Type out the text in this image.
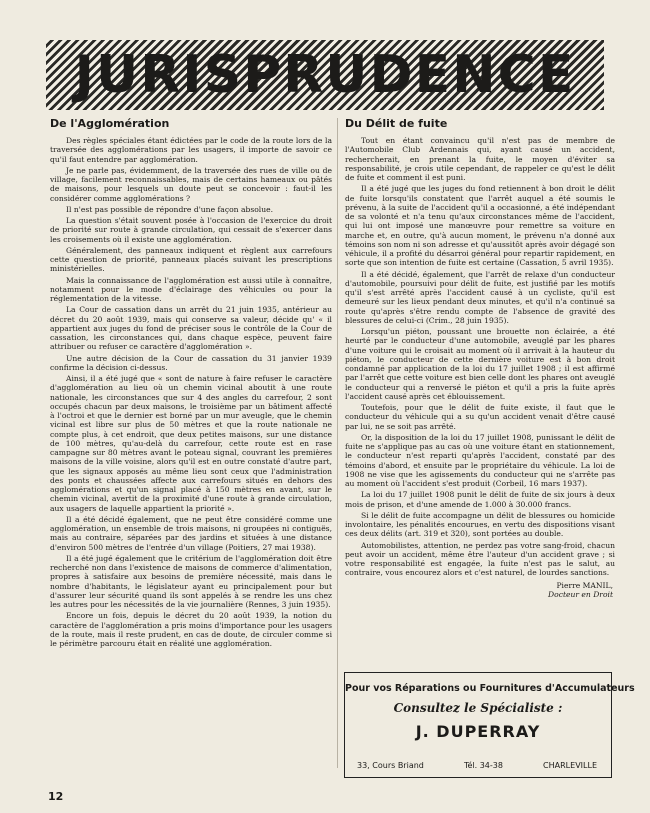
JURISPRUDENCE
De l'Agglomération

Des règles spéciales étant édictées par le code de la route lors de la traversée des agglomérations par les usagers, il importe de savoir ce qu'il faut entendre par agglomération.

Je ne parle pas, évidemment, de la traversée des rues de ville ou de village, facilement reconnaissables, mais de certains hameaux ou pâtés de maisons, pour lesquels un doute peut se concevoir : faut-il les considérer comme agglomérations ?

Il n'est pas possible de répondre d'une façon absolue.

La question s'était souvent posée à l'occasion de l'exercice du droit de priorité sur route à grande circulation, qui cessait de s'exercer dans les croisements où il existe une agglomération.

Généralement, des panneaux indiquent et règlent aux carrefours cette question de priorité, panneaux placés suivant les prescriptions ministérielles.

Mais la connaissance de l'agglomération est aussi utile à connaître, notamment pour le mode d'éclairage des véhicules ou pour la réglementation de la vitesse.

La Cour de cassation dans un arrêt du 21 juin 1935, antérieur au décret du 20 août 1939, mais qui conserve sa valeur, décide qu' « il appartient aux juges du fond de préciser sous le contrôle de la Cour de cassation, les circonstances qui, dans chaque espèce, peuvent faire attribuer ou refuser ce caractère d'agglomération ».

Une autre décision de la Cour de cassation du 31 janvier 1939 confirme la décision ci-dessus.

Ainsi, il a été jugé que « sont de nature à faire refuser le caractère d'agglomération au lieu où un chemin vicinal aboutit à une route nationale, les circonstances que sur 4 des angles du carrefour, 2 sont occupés chacun par deux maisons, le troisième par un bâtiment affecté à l'octroi et que le dernier est borné par un mur aveugle, que le chemin vicinal est libre sur plus de 50 mètres et que la route nationale ne compte plus, à cet endroit, que deux petites maisons, sur une distance de 100 mètres, qu'au-delà du carrefour, cette route est en rase campagne sur 80 mètres avant le poteau signal, couvrant les premières maisons de la ville voisine, alors qu'il est en outre constaté d'autre part, que les signaux apposés au même lieu sont ceux que l'administration des ponts et chaussées affecte aux carrefours situés en dehors des agglomérations et qu'un signal placé à 150 mètres en avant, sur le chemin vicinal, avertit de la proximité d'une route à grande circulation, aux usagers de laquelle appartient la priorité ».

Il a été décidé également, que ne peut être considéré comme une agglomération, un ensemble de trois maisons, ni groupées ni contiguës, mais au contraire, séparées par des jardins et situées à une distance d'environ 500 mètres de l'entrée d'un village (Poitiers, 27 mai 1938).

Il a été jugé également que le critérium de l'agglomération doit être recherché non dans l'existence de maisons de commerce d'alimentation, propres à satisfaire aux besoins de première nécessité, mais dans le nombre d'habitants, le législateur ayant eu principalement pour but d'assurer leur sécurité quand ils sont appelés à se rendre les uns chez les autres pour les nécessités de la vie journalière (Rennes, 3 juin 1935).

Encore un fois, depuis le décret du 20 août 1939, la notion du caractère de l'agglomération a pris moins d'importance pour les usagers de la route, mais il reste prudent, en cas de doute, de circuler comme si le périmètre parcouru était en réalité une agglomération.

Du Délit de fuite

Tout en étant convaincu qu'il n'est pas de membre de l'Automobile Club Ardennais qui, ayant causé un accident, rechercherait, en prenant la fuite, le moyen d'éviter sa responsabilité, je crois utile cependant, de rappeler ce qu'est le délit de fuite et comment il est puni.

Il a été jugé que les juges du fond retiennent à bon droit le délit de fuite lorsqu'ils constatent que l'arrêt auquel a été soumis le prévenu, à la suite de l'accident qu'il a occasionné, a été indépendant de sa volonté et n'a tenu qu'aux circonstances même de l'accident, qui lui ont imposé une manœuvre pour remettre sa voiture en marche et, en outre, qu'à aucun moment, le prévenu n'a donné aux témoins son nom ni son adresse et qu'aussitôt après avoir dégagé son véhicule, il a profité du désarroi général pour repartir rapidement, en sorte que son intention de fuite est certaine (Cassation, 5 avril 1935).

Il a été décidé, également, que l'arrêt de relaxe d'un conducteur d'automobile, poursuivi pour délit de fuite, est justifié par les motifs qu'il s'est arrêté après l'accident causé à un cycliste, qu'il est demeuré sur les lieux pendant deux minutes, et qu'il n'a continué sa route qu'après s'être rendu compte de l'absence de gravité des blessures de celui-ci (Crim., 28 juin 1935).

Lorsqu'un piéton, poussant une brouette non éclairée, a été heurté par le conducteur d'une automobile, aveuglé par les phares d'une voiture qui le croisait au moment où il arrivait à la hauteur du piéton, le conducteur de cette dernière voiture est à bon droit condamné par application de la loi du 17 juillet 1908 ; il est affirmé par l'arrêt que cette voiture est bien celle dont les phares ont aveuglé le conducteur qui a renversé le piéton et qu'il a pris la fuite après l'accident causé après cet éblouissement.

Toutefois, pour que le délit de fuite existe, il faut que le conducteur du véhicule qui a su qu'un accident venait d'être causé par lui, ne se soit pas arrêté.

Or, la disposition de la loi du 17 juillet 1908, punissant le délit de fuite ne s'applique pas au cas où une voiture étant en stationnement, le conducteur n'est reparti qu'après l'accident, constaté par des témoins d'abord, et ensuite par le propriétaire du véhicule. La loi de 1908 ne vise que les agissements du conducteur qui ne s'arrête pas au moment où l'accident s'est produit (Corbeil, 16 mars 1937).

La loi du 17 juillet 1908 punit le délit de fuite de six jours à deux mois de prison, et d'une amende de 1.000 à 30.000 francs.

Si le délit de fuite accompagne un délit de blessures ou homicide involontaire, les pénalités encourues, en vertu des dispositions visant ces deux délits (art. 319 et 320), sont portées au double.

Automobilistes, attention, ne perdez pas votre sang-froid, chacun peut avoir un accident, même être l'auteur d'un accident grave ; si votre responsabilité est engagée, la fuite n'est pas le salut, au contraire, vous encourez alors et c'est naturel, de lourdes sanctions.

Pierre MANIL,
Docteur en Droit
Pour vos Réparations ou Fournitures d'Accumulateurs
Consultez le Spécialiste :
J. DUPERRAY
33, Cours Briand	Tél. 34-38	CHARLEVILLE
12
